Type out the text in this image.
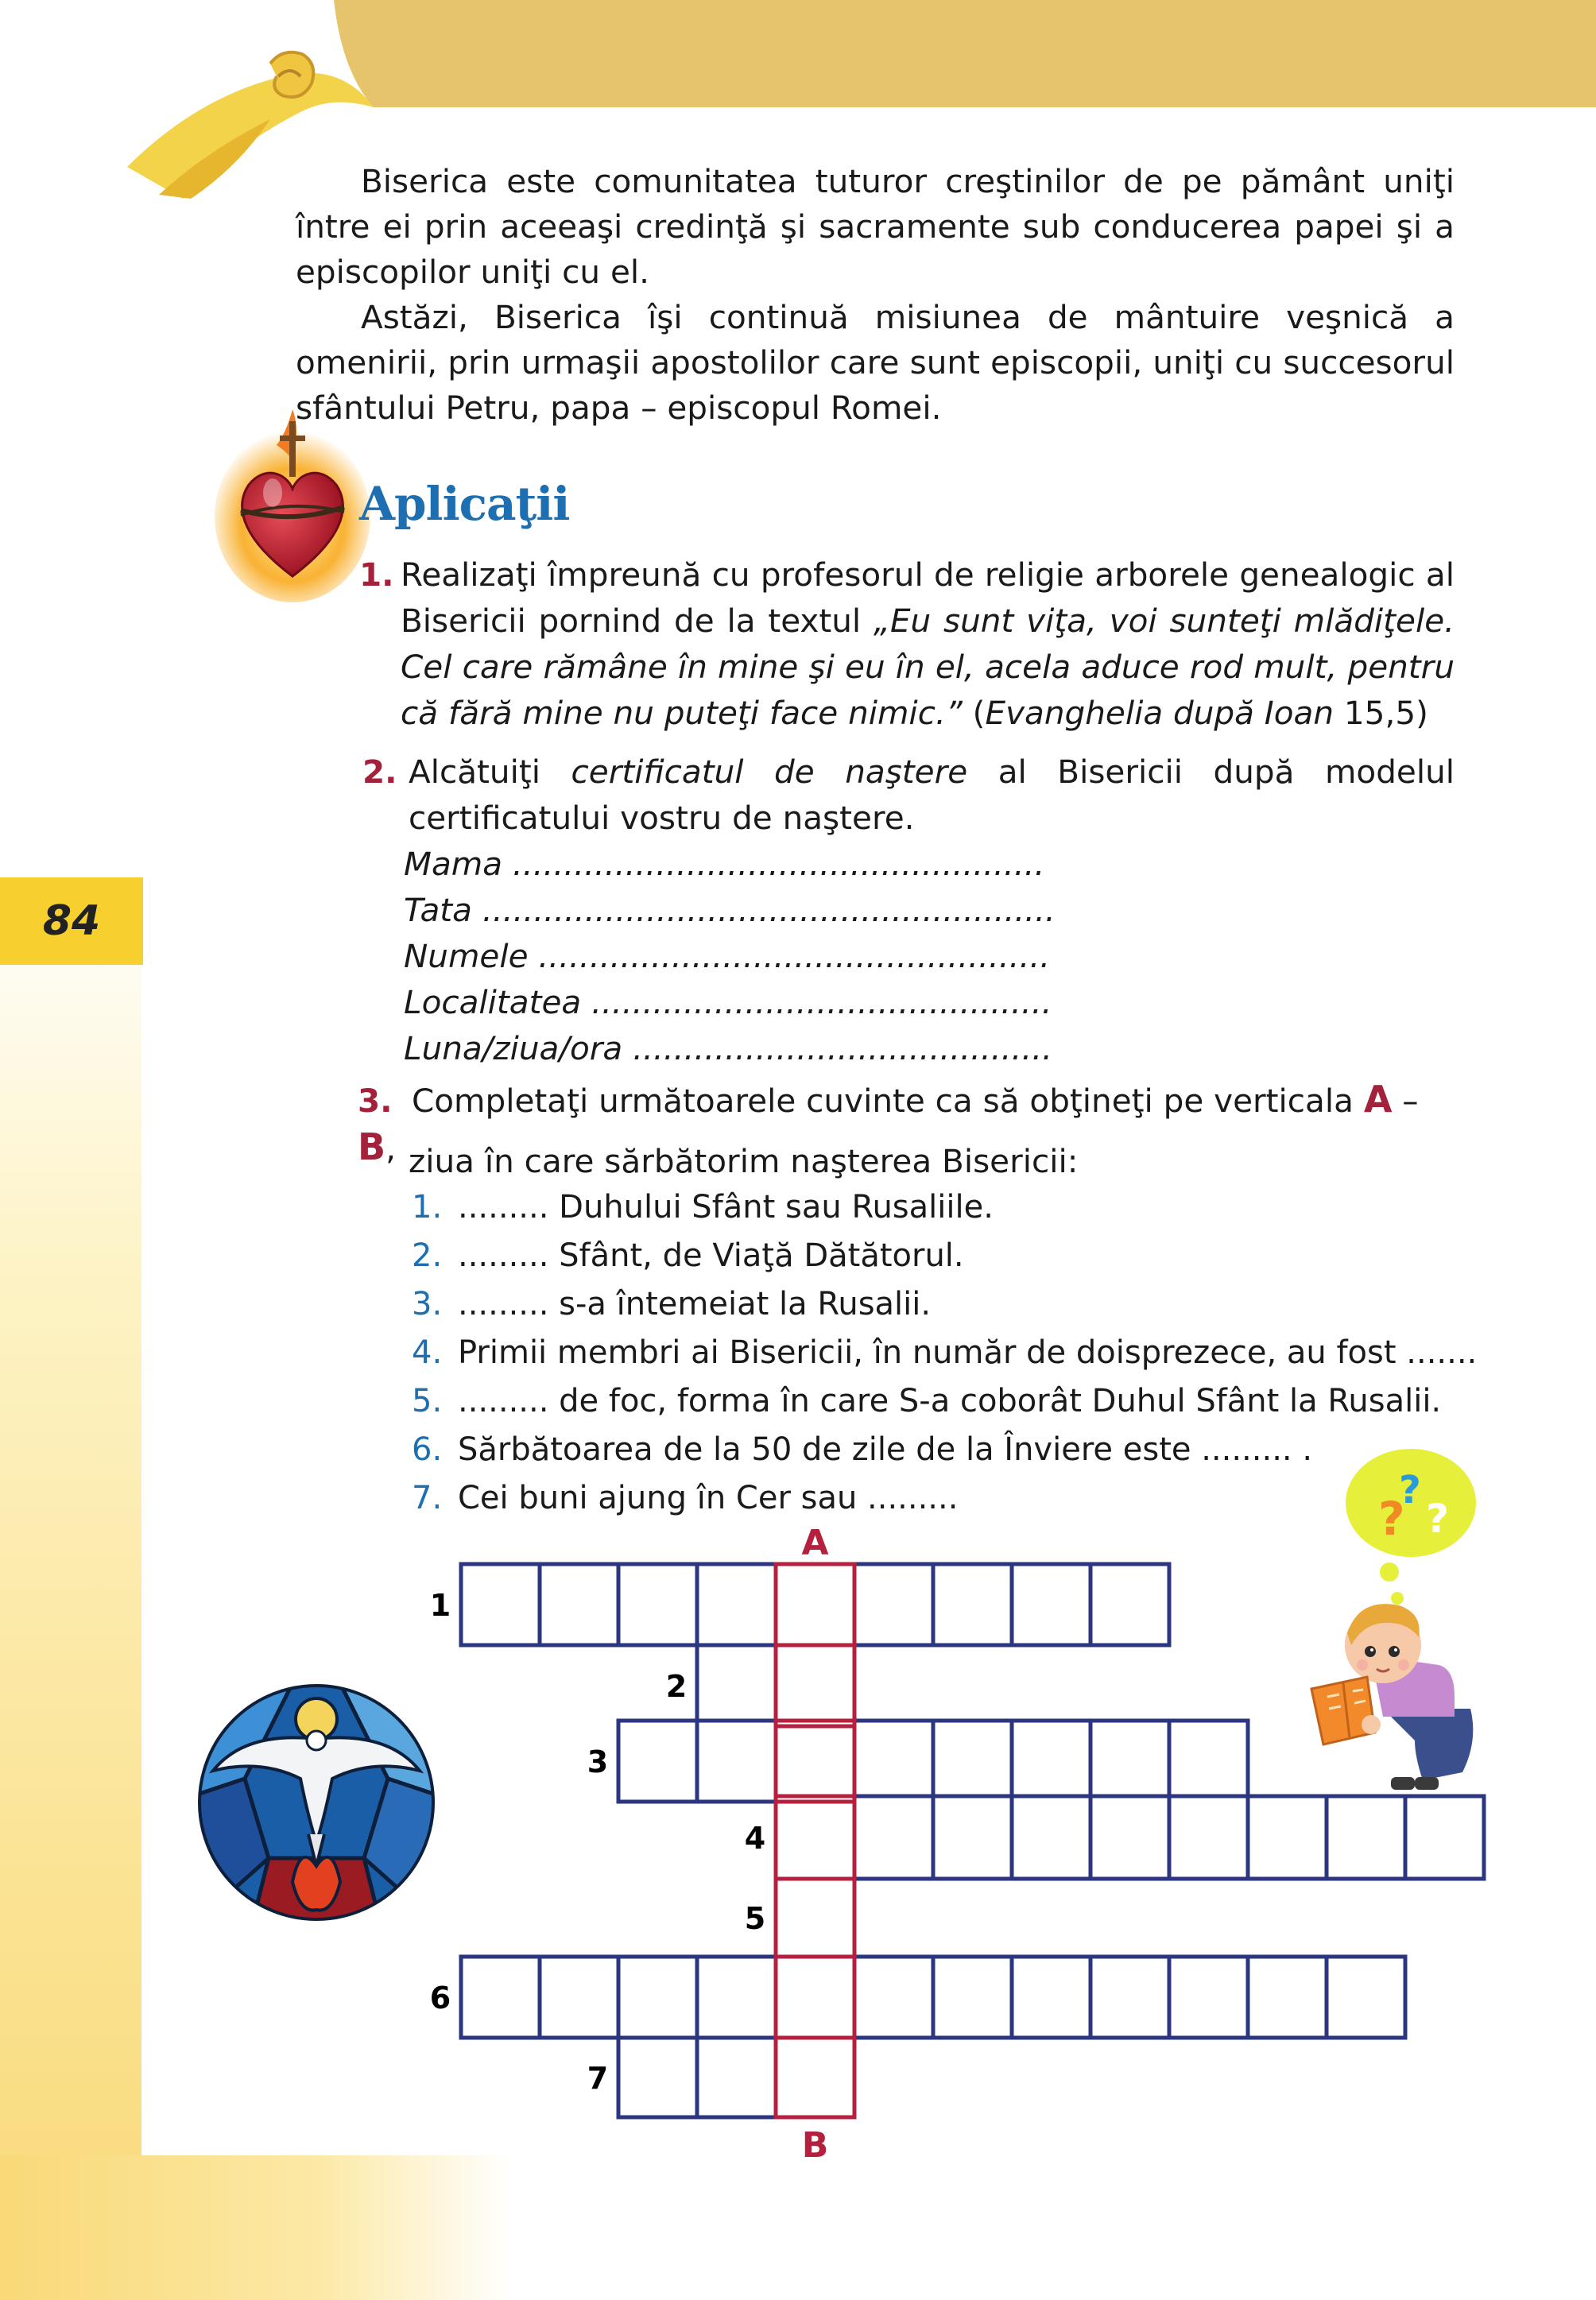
84

Biserica este comunitatea tuturor creştinilor de pe pământ uniţi între ei prin aceeaşi credinţă şi sacramente sub conducerea papei şi a episcopilor uniţi cu el.

Astăzi, Biserica îşi continuă misiunea de mântuire veşnică a omenirii, prin urmaşii apostolilor care sunt episcopii, uniţi cu succesorul sfântului Petru, papa – episcopul Romei.

Aplicaţii
1. Realizaţi împreună cu profesorul de religie arborele genealogic al Bisericii pornind de la textul „Eu sunt viţa, voi sunteţi mlădiţele. Cel care rămâne în mine şi eu în el, acela aduce rod mult, pentru că fără mine nu puteţi face nimic.” (Evanghelia după Ioan 15,5)
2. Alcătuiţi certificatul de naştere al Bisericii după modelul certificatului vostru de naştere.
Mama ....................................................
Tata ........................................................
Numele ..................................................
Localitatea .............................................
Luna/ziua/ora .........................................
3. Completaţi următoarele cuvinte ca să obţineţi pe verticala A – B, ziua în care sărbătorim naşterea Bisericii:
1. ......... Duhului Sfânt sau Rusaliile.
2. ......... Sfânt, de Viaţă Dătătorul.
3. ......... s-a întemeiat la Rusalii.
4. Primii membri ai Bisericii, în număr de doisprezece, au fost .......
5. ......... de foc, forma în care S-a coborât Duhul Sfânt la Rusalii.
6. Sărbătoarea de la 50 de zile de la Înviere este ......... .
7. Cei buni ajung în Cer sau .........
1
2
3
4
5
6
7
A
B
?
?
?
